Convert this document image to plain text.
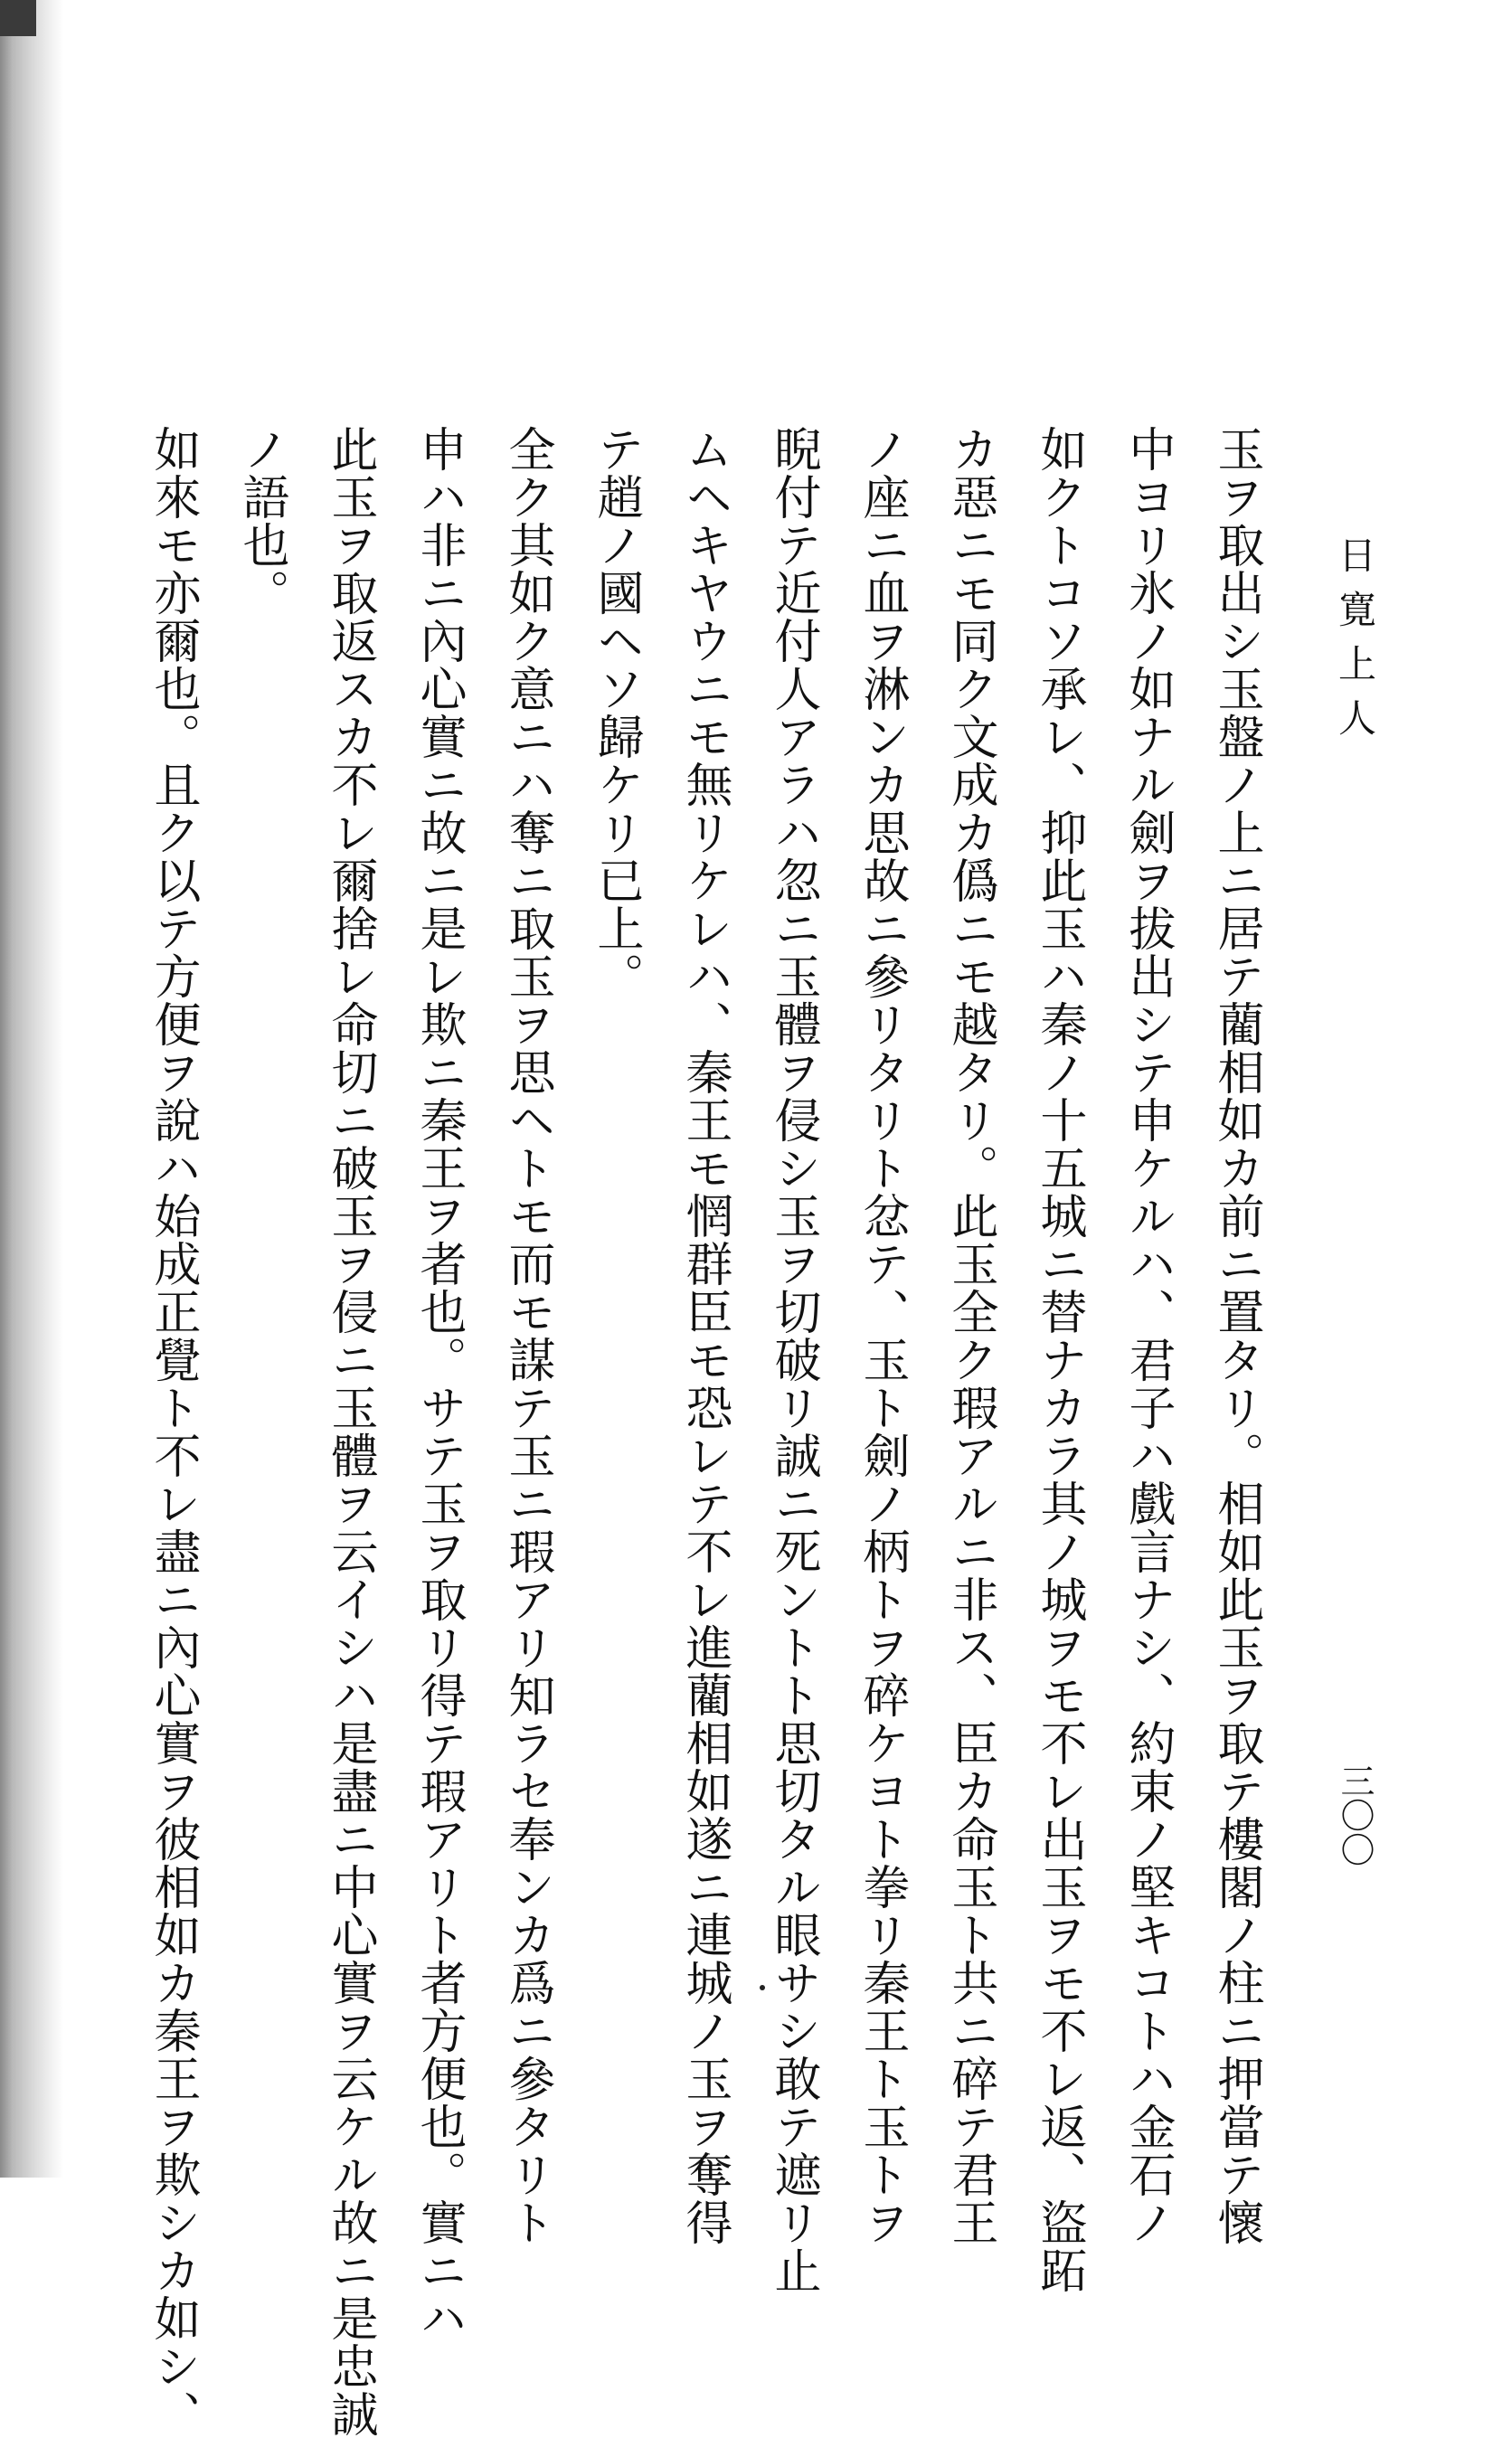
日寛上人
三〇〇
玉ヲ取出シ玉盤ノ上ニ居テ藺相如カ前ニ置タリ。相如此玉ヲ取テ樓閣ノ柱ニ押當テ懷
中ヨリ氷ノ如ナル劍ヲ拔出シテ申ケルハ、君子ハ戲言ナシ、約束ノ堅キコトハ金石ノ
如クトコソ承レ、抑此玉ハ秦ノ十五城ニ替ナカラ其ノ城ヲモ不レ出玉ヲモ不レ返、盜跖
カ惡ニモ同ク文成カ僞ニモ越タリ。此玉全ク瑕アルニ非ス、臣カ命玉ト共ニ碎テ君王
ノ座ニ血ヲ淋ンカ思故ニ參リタリト忿テ、玉ト劍ノ柄トヲ碎ケヨト拳リ秦王ト玉トヲ
睨付テ近付人アラハ忽ニ玉體ヲ侵シ玉ヲ切破リ誠ニ死ントト思切タル眼サシ敢テ遮リ止
ムヘキヤウニモ無リケレハ、秦王モ惘群臣モ恐レテ不レ進藺相如遂ニ連城ノ玉ヲ奪得
テ趙ノ國ヘソ歸ケリ已上。
全ク其如ク意ニハ奪ニ取玉ヲ思ヘトモ而モ謀テ玉ニ瑕アリ知ラセ奉ンカ爲ニ參タリト
申ハ非ニ內心實ニ故ニ是レ欺ニ秦王ヲ者也。サテ玉ヲ取リ得テ瑕アリト者方便也。實ニハ
此玉ヲ取返スカ不レ爾捨レ命切ニ破玉ヲ侵ニ玉體ヲ云イシハ是盡ニ中心實ヲ云ケル故ニ是忠誠
ノ語也。
如來モ亦爾也。且ク以テ方便ヲ說ハ始成正覺ト不レ盡ニ內心實ヲ彼相如カ秦王ヲ欺シカ如シ、
